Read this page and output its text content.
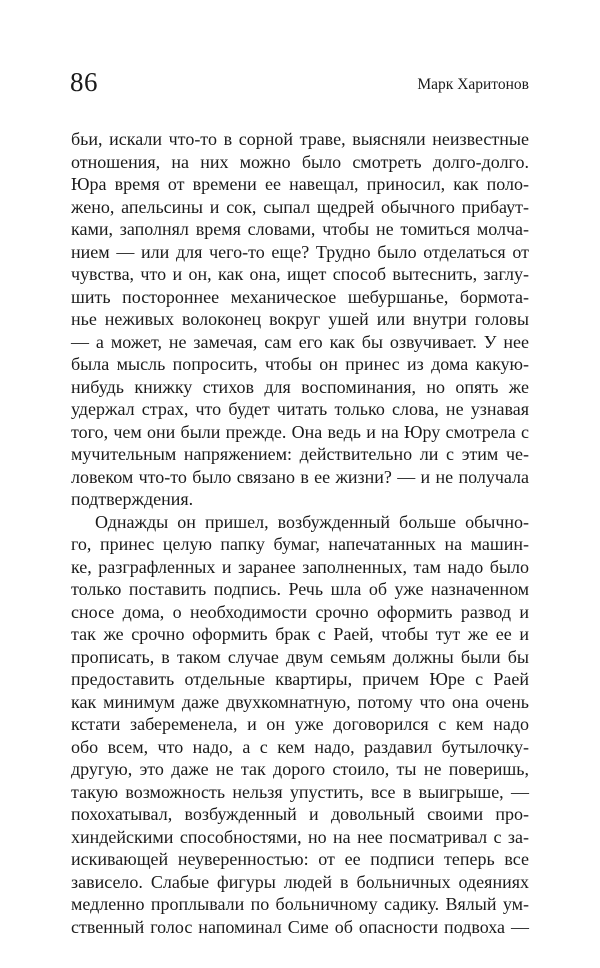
86	Марк Харитонов
бьи, искали что-то в сорной траве, выясняли неизвестные
отношения, на них можно было смотреть долго-долго.
Юра время от времени ее навещал, приносил, как поло-
жено, апельсины и сок, сыпал щедрей обычного прибаут-
ками, заполнял время словами, чтобы не томиться молча-
нием — или для чего-то еще? Трудно было отделаться от
чувства, что и он, как она, ищет способ вытеснить, заглу-
шить постороннее механическое шебуршанье, бормота-
нье неживых волоконец вокруг ушей или внутри головы
— а может, не замечая, сам его как бы озвучивает. У нее
была мысль попросить, чтобы он принес из дома какую-
нибудь книжку стихов для воспоминания, но опять же
удержал страх, что будет читать только слова, не узнавая
того, чем они были прежде. Она ведь и на Юру смотрела с
мучительным напряжением: действительно ли с этим че-
ловеком что-то было связано в ее жизни? — и не получала
подтверждения.
Однажды он пришел, возбужденный больше обычно-
го, принес целую папку бумаг, напечатанных на машин-
ке, разграфленных и заранее заполненных, там надо было
только поставить подпись. Речь шла об уже назначенном
сносе дома, о необходимости срочно оформить развод и
так же срочно оформить брак с Раей, чтобы тут же ее и
прописать, в таком случае двум семьям должны были бы
предоставить отдельные квартиры, причем Юре с Раей
как минимум даже двухкомнатную, потому что она очень
кстати забеременела, и он уже договорился с кем надо
обо всем, что надо, а с кем надо, раздавил бутылочку-
другую, это даже не так дорого стоило, ты не поверишь,
такую возможность нельзя упустить, все в выигрыше, —
похохатывал, возбужденный и довольный своими про-
хиндейскими способностями, но на нее посматривал с за-
искивающей неуверенностью: от ее подписи теперь все
зависело. Слабые фигуры людей в больничных одеяниях
медленно проплывали по больничному садику. Вялый ум-
ственный голос напоминал Симе об опасности подвоха —
